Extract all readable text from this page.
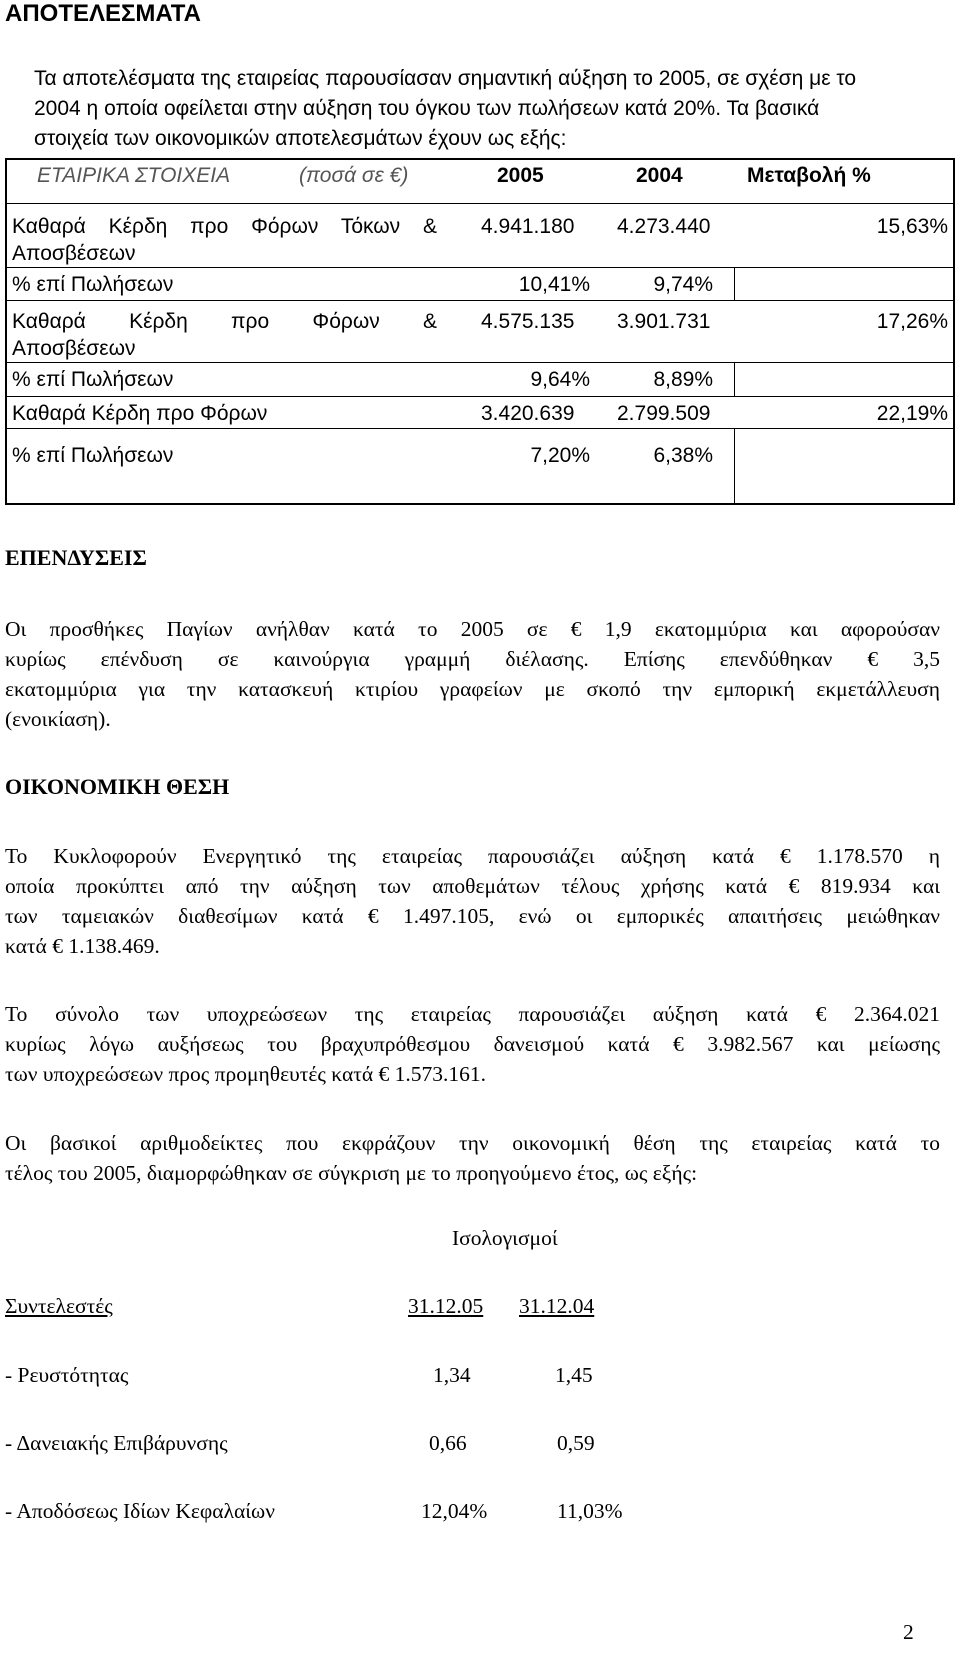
ΑΠΟΤΕΛΕΣΜΑΤΑ

Τα αποτελέσματα της εταιρείας παρουσίασαν σημαντική αύξηση το 2005, σε σχέση με το

2004 η οποία οφείλεται στην αύξηση του όγκου των πωλήσεων κατά 20%. Τα βασικά

στοιχεία των οικονομικών αποτελεσμάτων έχουν ως εξής:

ΕΤΑΙΡΙΚΑ ΣΤΟΙΧΕΙΑ	(ποσά σε €)	2005	2004	Μεταβολή %
Καθαρά Κέρδη προ Φόρων Τόκων &
Αποσβέσεων
4.941.180 4.273.440	15,63%
% επί Πωλήσεων	10,41%	9,74%
Καθαρά Κέρδη προ Φόρων &
Αποσβέσεων
4.575.135 3.901.731	17,26%
% επί Πωλήσεων	9,64%	8,89%
Καθαρά Κέρδη προ Φόρων	3.420.639 2.799.509	22,19%
% επί Πωλήσεων	7,20%	6,38%
ΕΠΕΝΔΥΣΕΙΣ
Οι προσθήκες Παγίων ανήλθαν κατά το 2005 σε € 1,9 εκατομμύρια και αφορούσαν
κυρίως επένδυση σε καινούργια γραμμή διέλασης. Επίσης επενδύθηκαν € 3,5
εκατομμύρια για την κατασκευή κτιρίου γραφείων με σκοπό την εμπορική εκμετάλλευση
(ενοικίαση).
ΟΙΚΟΝΟΜΙΚΗ ΘΕΣΗ
Το Κυκλοφορούν Ενεργητικό της εταιρείας παρουσιάζει αύξηση κατά € 1.178.570 η
οποία προκύπτει από την αύξηση των αποθεμάτων τέλους χρήσης κατά € 819.934 και
των ταμειακών διαθεσίμων κατά € 1.497.105, ενώ οι εμπορικές απαιτήσεις μειώθηκαν
κατά € 1.138.469.
Το σύνολο των υποχρεώσεων της εταιρείας παρουσιάζει αύξηση κατά € 2.364.021
κυρίως λόγω αυξήσεως του βραχυπρόθεσμου δανεισμού κατά € 3.982.567 και μείωσης
των υποχρεώσεων προς προμηθευτές κατά € 1.573.161.
Οι βασικοί αριθμοδείκτες που εκφράζουν την οικονομική θέση της εταιρείας κατά το
τέλος του 2005, διαμορφώθηκαν σε σύγκριση με το προηγούμενο έτος, ως εξής:
Ισολογισμοί
Συντελεστές	31.12.05 31.12.04
- Ρευστότητας	1,34	1,45
- Δανειακής Επιβάρυνσης	0,66	0,59
- Αποδόσεως Ιδίων Κεφαλαίων	12,04%	11,03%
2
